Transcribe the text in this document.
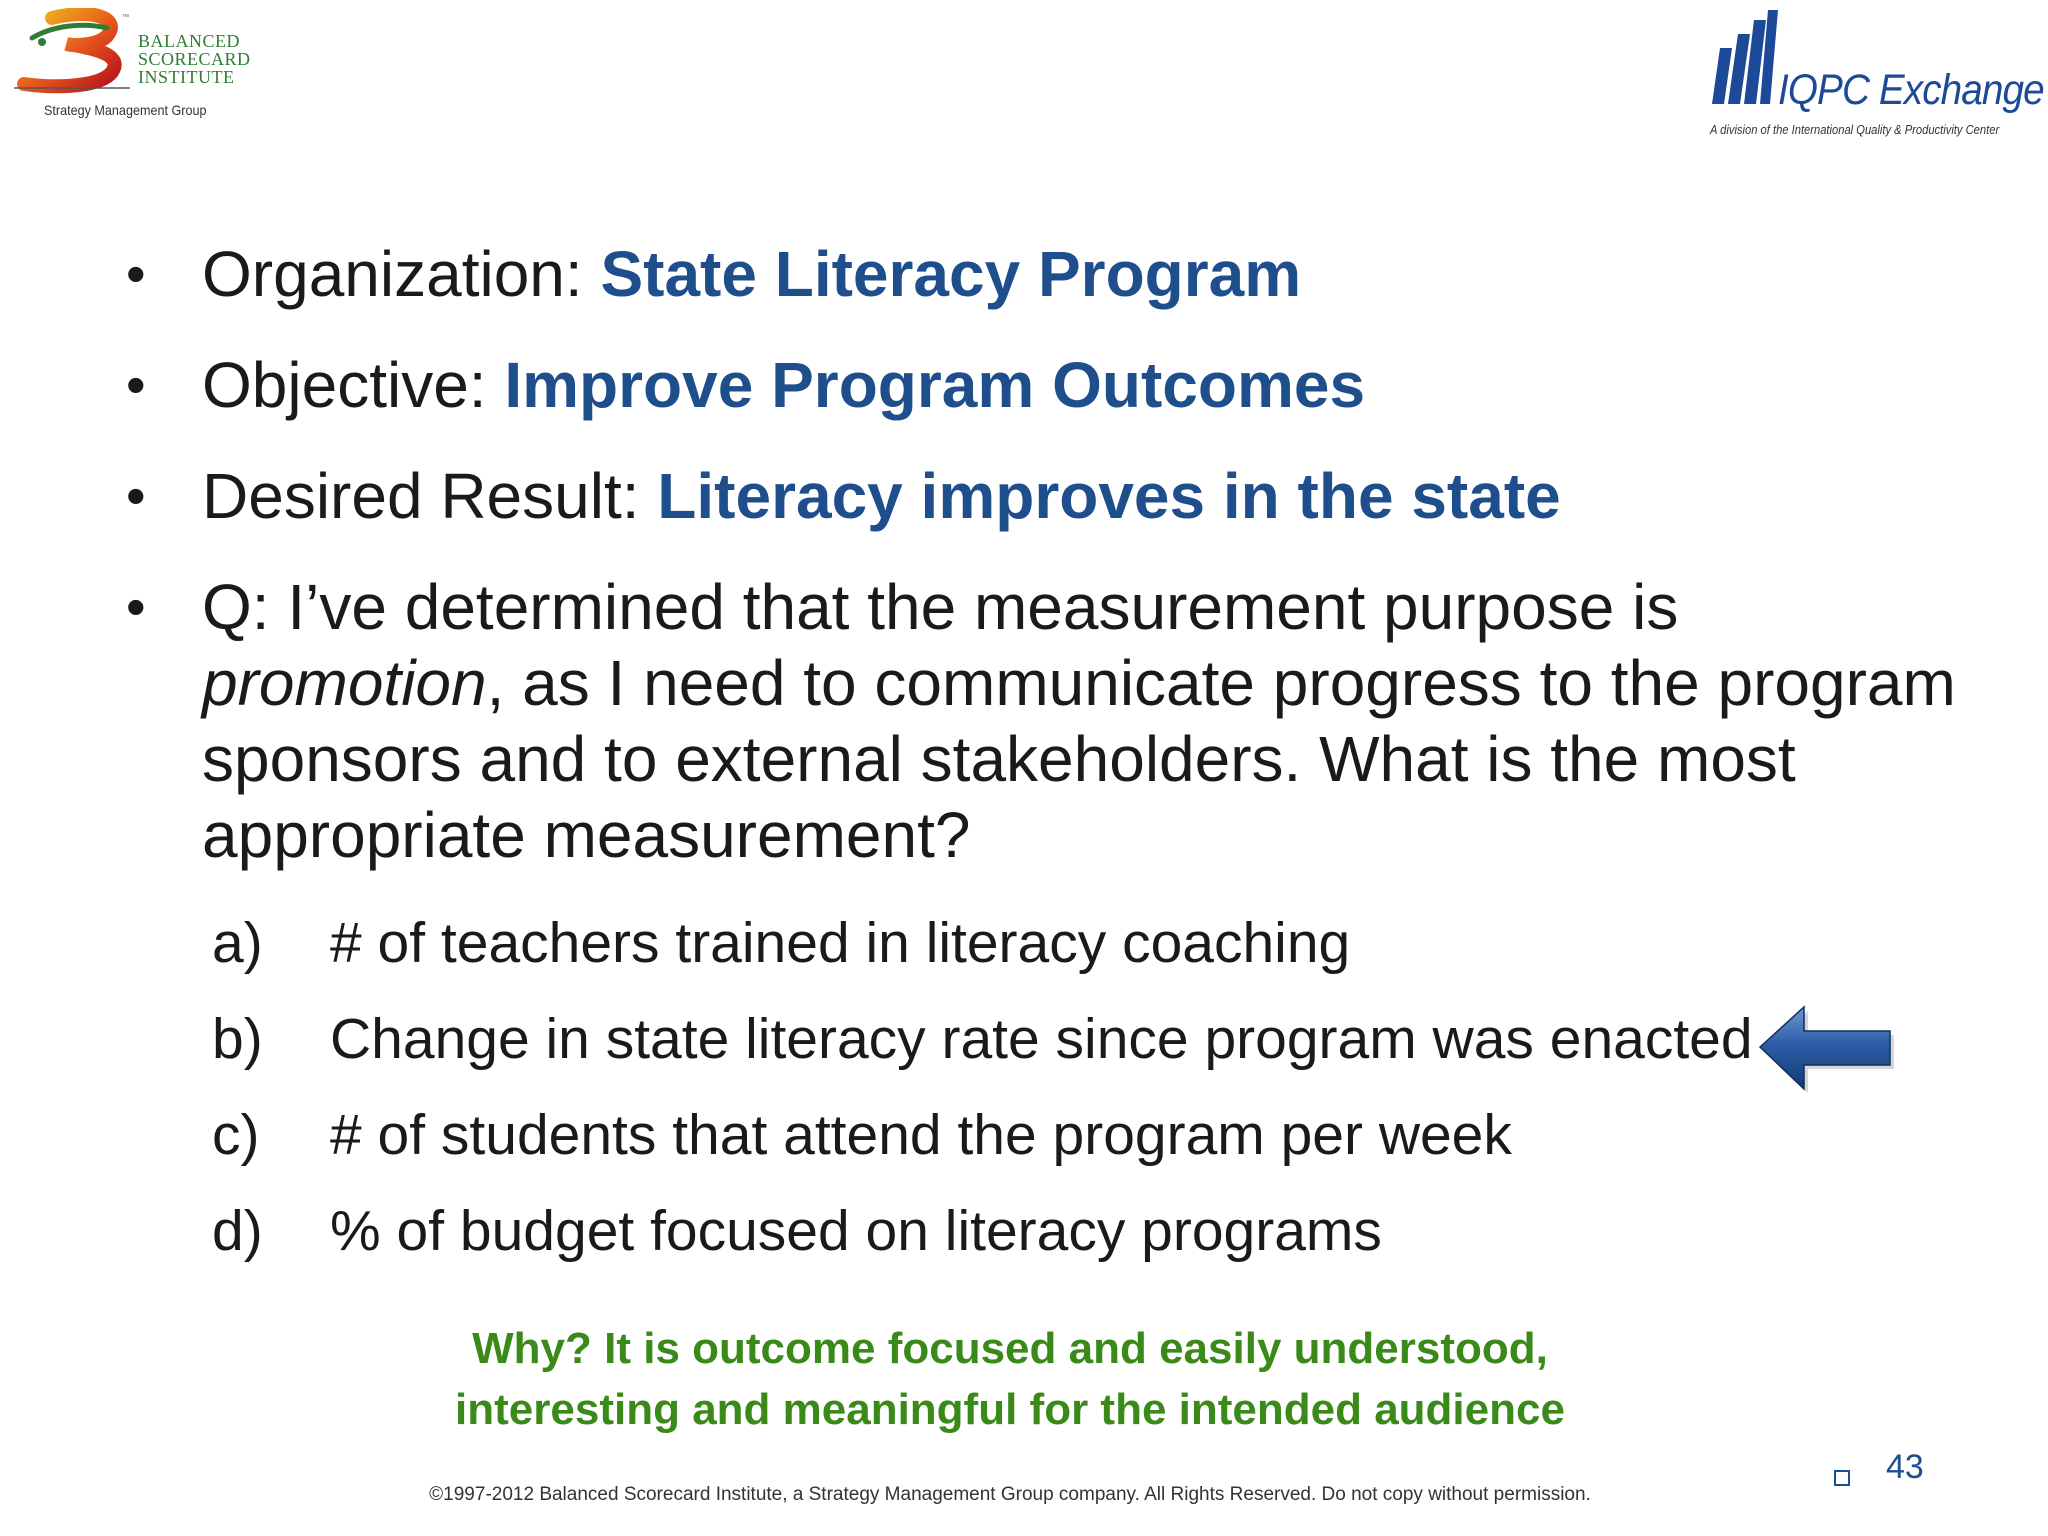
™
BALANCED
SCORECARD
INSTITUTE
Strategy Management Group	IQPC Exchange
A division of the International Quality & Productivity Center
• Organization: State Literacy Program
• Objective: Improve Program Outcomes
• Desired Result: Literacy improves in the state
• Q: I’ve determined that the measurement purpose is promotion, as I need to communicate progress to the program sponsors and to external stakeholders. What is the most appropriate measurement?
a) # of teachers trained in literacy coaching
b) Change in state literacy rate since program was enacted
c) # of students that attend the program per week
d) % of budget focused on literacy programs
Why? It is outcome focused and easily understood,
interesting and meaningful for the intended audience
©1997-2012 Balanced Scorecard Institute, a Strategy Management Group company. All Rights Reserved. Do not copy without permission.
43
